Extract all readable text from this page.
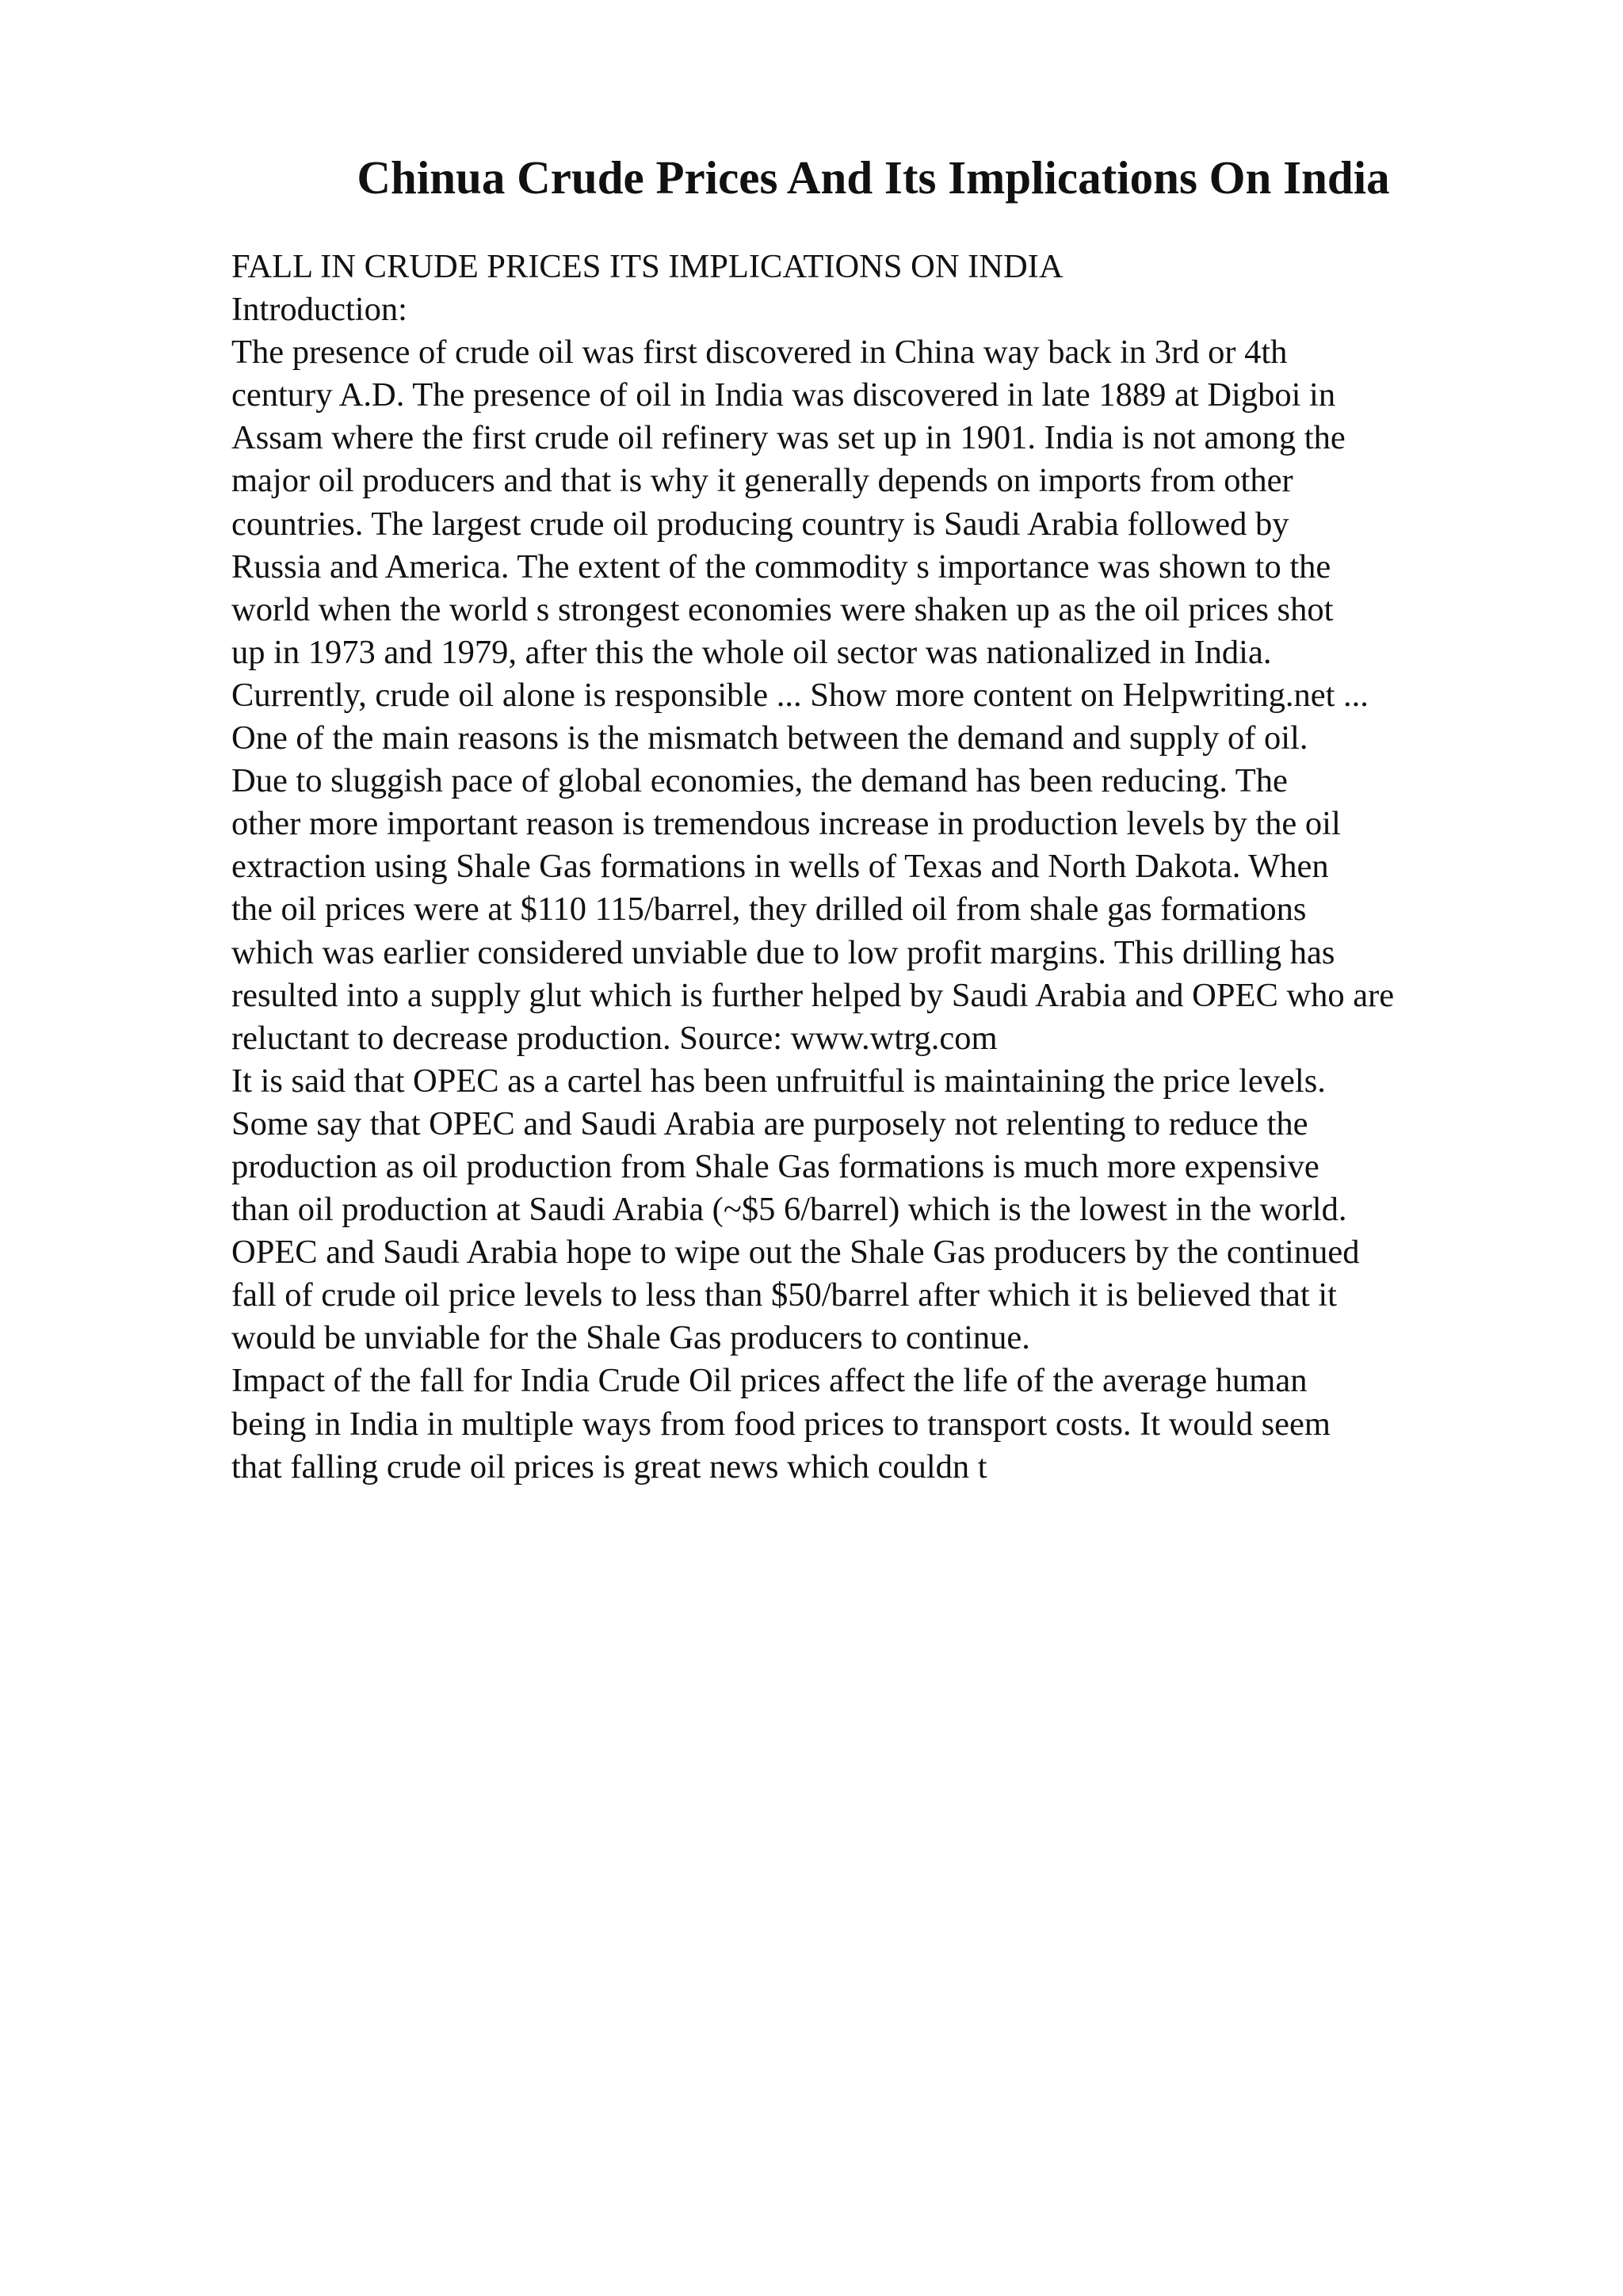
Chinua Crude Prices And Its Implications On India
FALL IN CRUDE PRICES ITS IMPLICATIONS ON INDIA
Introduction:
The presence of crude oil was first discovered in China way back in 3rd or 4th
century A.D. The presence of oil in India was discovered in late 1889 at Digboi in
Assam where the first crude oil refinery was set up in 1901. India is not among the
major oil producers and that is why it generally depends on imports from other
countries. The largest crude oil producing country is Saudi Arabia followed by
Russia and America. The extent of the commodity s importance was shown to the
world when the world s strongest economies were shaken up as the oil prices shot
up in 1973 and 1979, after this the whole oil sector was nationalized in India.
Currently, crude oil alone is responsible ... Show more content on Helpwriting.net ...
One of the main reasons is the mismatch between the demand and supply of oil.
Due to sluggish pace of global economies, the demand has been reducing. The
other more important reason is tremendous increase in production levels by the oil
extraction using Shale Gas formations in wells of Texas and North Dakota. When
the oil prices were at $110 115/barrel, they drilled oil from shale gas formations
which was earlier considered unviable due to low profit margins. This drilling has
resulted into a supply glut which is further helped by Saudi Arabia and OPEC who are
reluctant to decrease production. Source: www.wtrg.com
It is said that OPEC as a cartel has been unfruitful is maintaining the price levels.
Some say that OPEC and Saudi Arabia are purposely not relenting to reduce the
production as oil production from Shale Gas formations is much more expensive
than oil production at Saudi Arabia (~$5 6/barrel) which is the lowest in the world.
OPEC and Saudi Arabia hope to wipe out the Shale Gas producers by the continued
fall of crude oil price levels to less than $50/barrel after which it is believed that it
would be unviable for the Shale Gas producers to continue.
Impact of the fall for India Crude Oil prices affect the life of the average human
being in India in multiple ways from food prices to transport costs. It would seem
that falling crude oil prices is great news which couldn t
